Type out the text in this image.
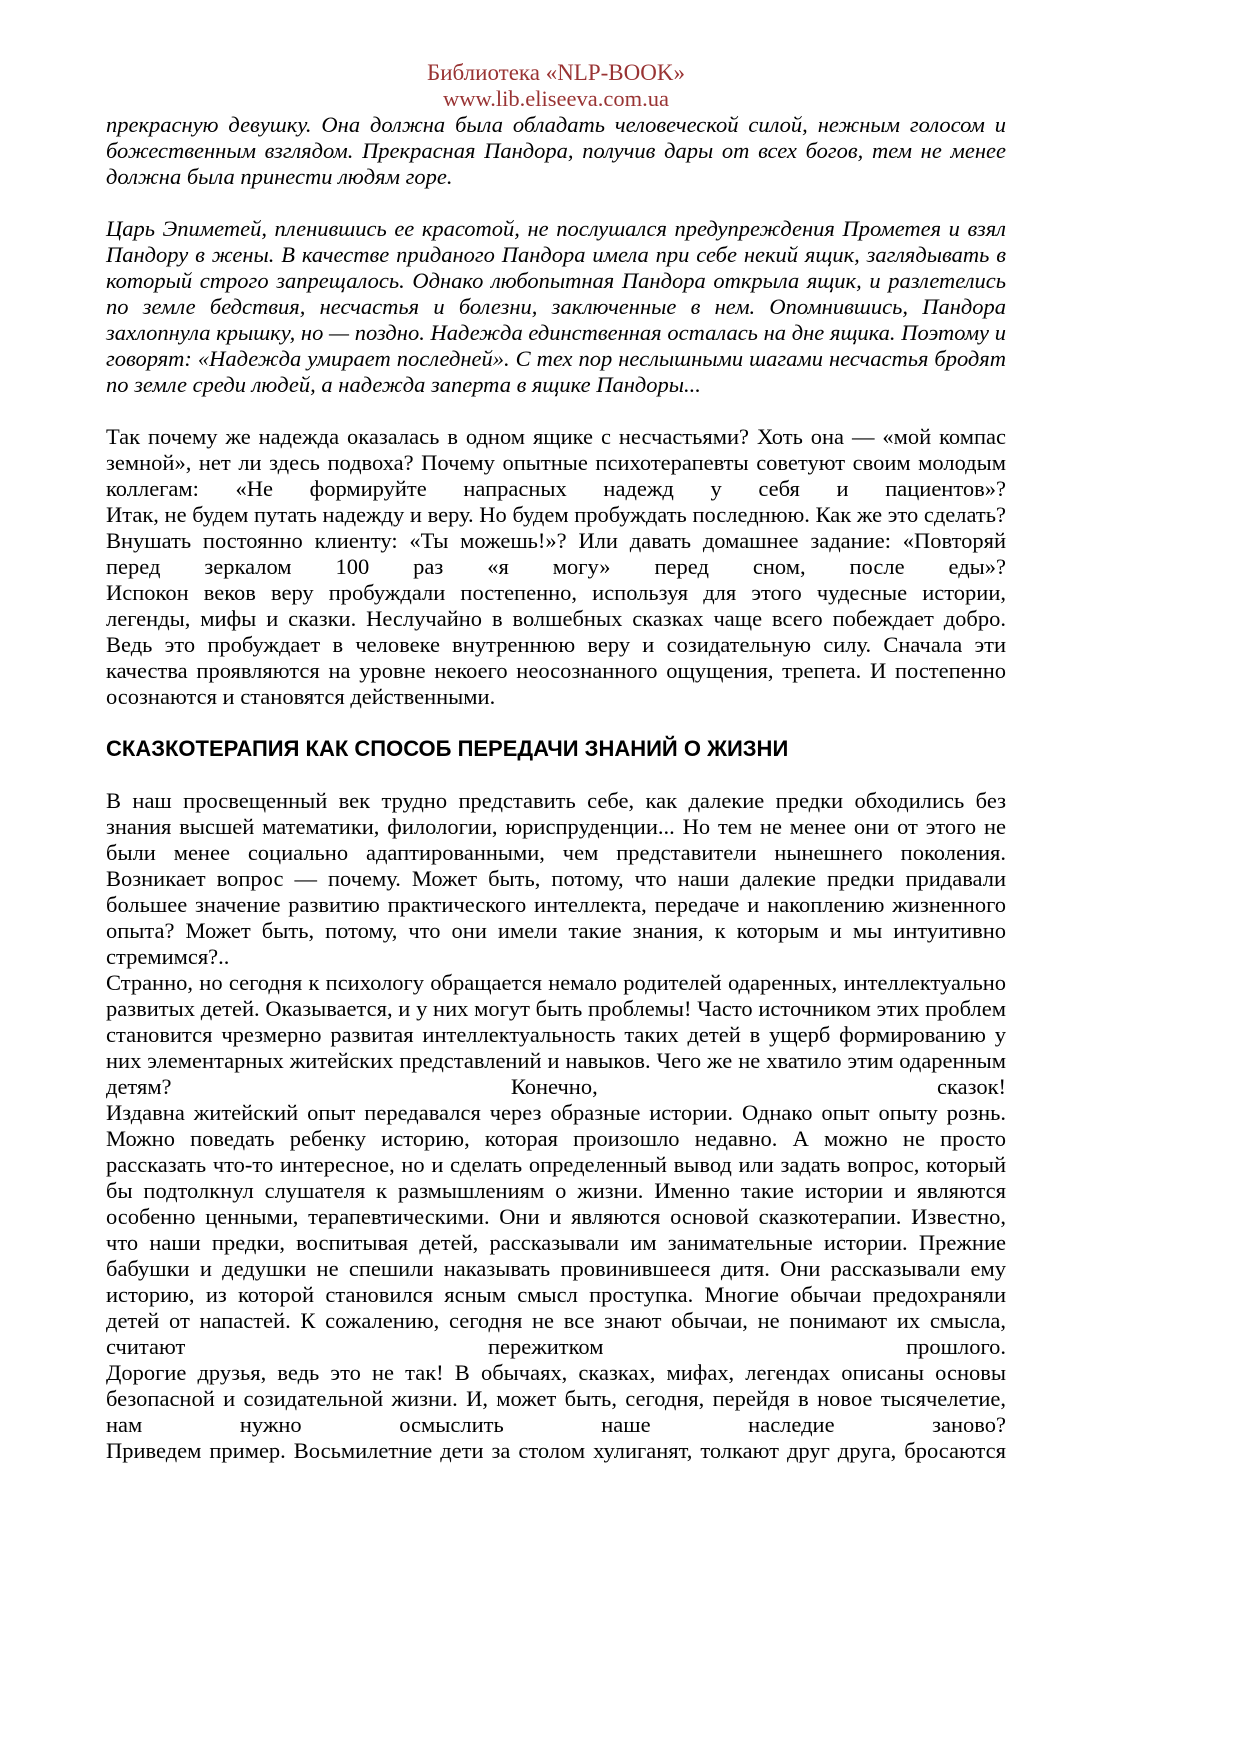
Библиотека «NLP-BOOK»
www.lib.eliseeva.com.ua

прекрасную девушку. Она должна была обладать человеческой силой, нежным голосом и божественным взглядом. Прекрасная Пандора, получив дары от всех богов, тем не менее должна была принести людям горе.

Царь Эпиметей, пленившись ее красотой, не послушался предупреждения Прометея и взял Пандору в жены. В качестве приданого Пандора имела при себе некий ящик, заглядывать в который строго запрещалось. Однако любопытная Пандора открыла ящик, и разлетелись по земле бедствия, несчастья и болезни, заключенные в нем. Опомнившись, Пандора захлопнула крышку, но — поздно. Надежда единственная осталась на дне ящика. Поэтому и говорят: «Надежда умирает последней». С тех пор неслышными шагами несчастья бродят по земле среди людей, а надежда заперта в ящике Пандоры...

Так почему же надежда оказалась в одном ящике с несчастьями? Хоть она — «мой компас земной», нет ли здесь подвоха? Почему опытные психотерапевты советуют своим молодым коллегам: «Не формируйте напрасных надежд у себя и пациентов»?

Итак, не будем путать надежду и веру. Но будем пробуждать последнюю. Как же это сделать? Внушать постоянно клиенту: «Ты можешь!»? Или давать домашнее задание: «Повторяй перед зеркалом 100 раз «я могу» перед сном, после еды»?

Испокон веков веру пробуждали постепенно, используя для этого чудесные истории, легенды, мифы и сказки. Неслучайно в волшебных сказках чаще всего побеждает добро. Ведь это пробуждает в человеке внутреннюю веру и созидательную силу. Сначала эти качества проявляются на уровне некоего неосознанного ощущения, трепета. И постепенно осознаются и становятся действенными.

СКАЗКОТЕРАПИЯ КАК СПОСОБ ПЕРЕДАЧИ ЗНАНИЙ О ЖИЗНИ

В наш просвещенный век трудно представить себе, как далекие предки обходились без знания высшей математики, филологии, юриспруденции... Но тем не менее они от этого не были менее социально адаптированными, чем представители нынешнего поколения. Возникает вопрос — почему. Может быть, потому, что наши далекие предки придавали большее значение развитию практического интеллекта, передаче и накоплению жизненного опыта? Может быть, потому, что они имели такие знания, к которым и мы интуитивно стремимся?..

Странно, но сегодня к психологу обращается немало родителей одаренных, интеллектуально развитых детей. Оказывается, и у них могут быть проблемы! Часто источником этих проблем становится чрезмерно развитая интеллектуальность таких детей в ущерб формированию у них элементарных житейских представлений и навыков. Чего же не хватило этим одаренным детям? Конечно, сказок!

Издавна житейский опыт передавался через образные истории. Однако опыт опыту рознь. Можно поведать ребенку историю, которая произошло недавно. А можно не просто рассказать что-то интересное, но и сделать определенный вывод или задать вопрос, который бы подтолкнул слушателя к размышлениям о жизни. Именно такие истории и являются особенно ценными, терапевтическими. Они и являются основой сказкотерапии. Известно, что наши предки, воспитывая детей, рассказывали им занимательные истории. Прежние бабушки и дедушки не спешили наказывать провинившееся дитя. Они рассказывали ему историю, из которой становился ясным смысл проступка. Многие обычаи предохраняли детей от напастей. К сожалению, сегодня не все знают обычаи, не понимают их смысла, считают пережитком прошлого.

Дорогие друзья, ведь это не так! В обычаях, сказках, мифах, легендах описаны основы безопасной и созидательной жизни. И, может быть, сегодня, перейдя в новое тысячелетие, нам нужно осмыслить наше наследие заново?

Приведем пример. Восьмилетние дети за столом хулиганят, толкают друг друга, бросаются
